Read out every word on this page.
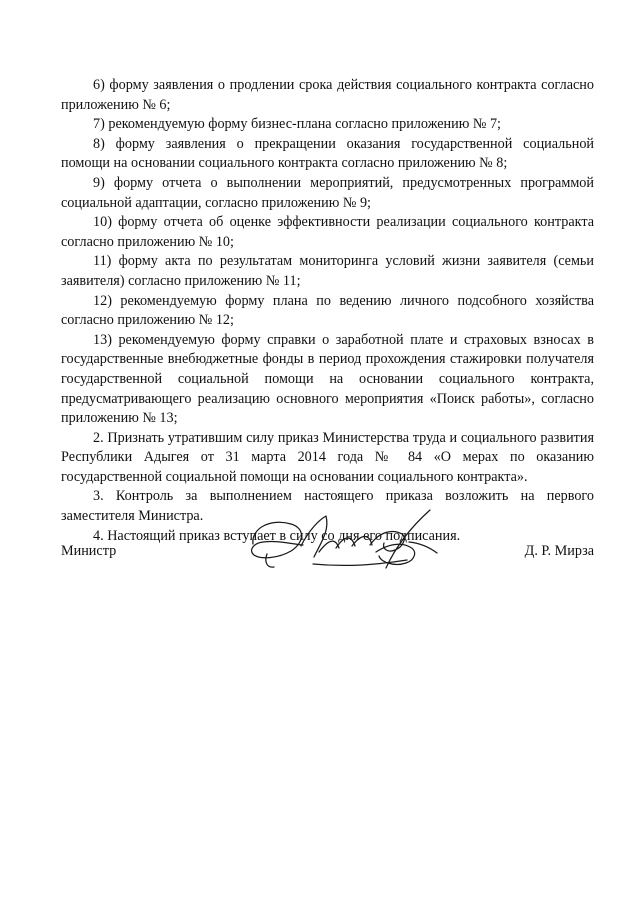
6) форму заявления о продлении срока действия социального контракта согласно приложению № 6;

7) рекомендуемую форму бизнес-плана согласно приложению № 7;

8) форму заявления о прекращении оказания государственной социальной помощи на основании социального контракта согласно приложению № 8;

9) форму отчета о выполнении мероприятий, предусмотренных программой социальной адаптации, согласно приложению № 9;

10) форму отчета об оценке эффективности реализации социального контракта согласно приложению № 10;

11) форму акта по результатам мониторинга условий жизни заявителя (семьи заявителя) согласно приложению № 11;

12) рекомендуемую форму плана по ведению личного подсобного хозяйства согласно приложению № 12;

13) рекомендуемую форму справки о заработной плате и страховых взносах в государственные внебюджетные фонды в период прохождения стажировки получателя государственной социальной помощи на основании социального контракта, предусматривающего реализацию основного мероприятия «Поиск работы», согласно приложению № 13;

2. Признать утратившим силу приказ Министерства труда и социального развития Республики Адыгея от 31 марта 2014 года № 84 «О мерах по оказанию государственной социальной помощи на основании социального контракта».

3. Контроль за выполнением настоящего приказа возложить на первого заместителя Министра.

4. Настоящий приказ вступает в силу со дня его подписания.

Министр	Д. Р. Мирза
